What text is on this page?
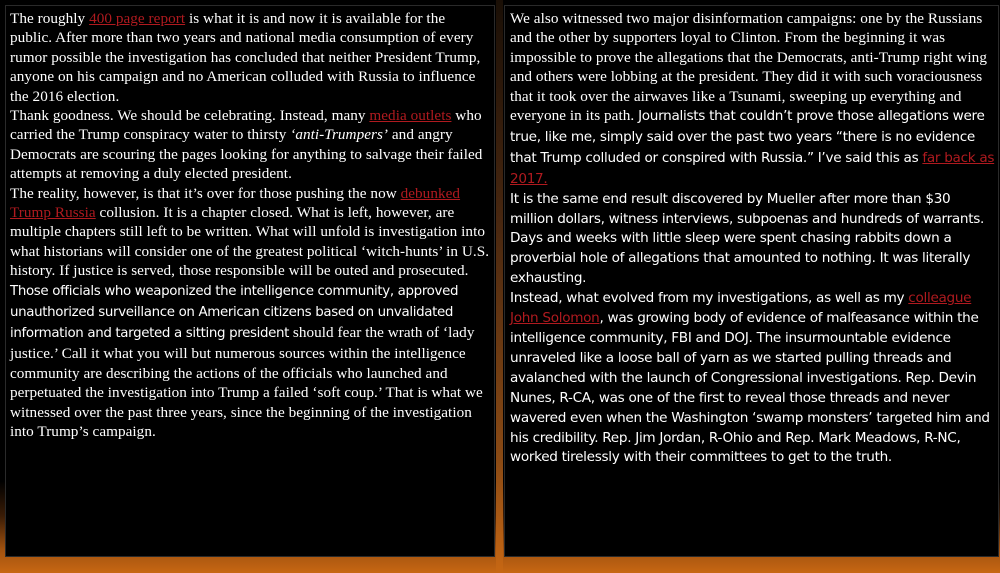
The roughly 400 page report is what it is and now it is available for the public. After more than two years and national media consumption of every rumor possible the investigation has concluded that neither President Trump, anyone on his campaign and no American colluded with Russia to influence the 2016 election.
Thank goodness. We should be celebrating. Instead, many media outlets who carried the Trump conspiracy water to thirsty ‘anti-Trumpers’ and angry Democrats are scouring the pages looking for anything to salvage their failed attempts at removing a duly elected president.
The reality, however, is that it’s over for those pushing the now debunked Trump Russia collusion. It is a chapter closed. What is left, however, are multiple chapters still left to be written. What will unfold is investigation into what historians will consider one of the greatest political ‘witch-hunts’ in U.S. history. If justice is served, those responsible will be outed and prosecuted. Those officials who weaponized the intelligence community, approved unauthorized surveillance on American citizens based on unvalidated information and targeted a sitting president should fear the wrath of ‘lady justice.’ Call it what you will but numerous sources within the intelligence community are describing the actions of the officials who launched and perpetuated the investigation into Trump a failed ‘soft coup.’ That is what we witnessed over the past three years, since the beginning of the investigation into Trump’s campaign.
We also witnessed two major disinformation campaigns: one by the Russians and the other by supporters loyal to Clinton. From the beginning it was impossible to prove the allegations that the Democrats, anti-Trump right wing and others were lobbing at the president. They did it with such voraciousness that it took over the airwaves like a Tsunami, sweeping up everything and everyone in its path. Journalists that couldn’t prove those allegations were true, like me, simply said over the past two years “there is no evidence that Trump colluded or conspired with Russia.” I’ve said this as far back as 2017.
It is the same end result discovered by Mueller after more than $30 million dollars, witness interviews, subpoenas and hundreds of warrants.
Days and weeks with little sleep were spent chasing rabbits down a proverbial hole of allegations that amounted to nothing. It was literally exhausting.
Instead, what evolved from my investigations, as well as my colleague John Solomon, was growing body of evidence of malfeasance within the intelligence community, FBI and DOJ. The insurmountable evidence unraveled like a loose ball of yarn as we started pulling threads and avalanched with the launch of Congressional investigations. Rep. Devin Nunes, R-CA, was one of the first to reveal those threads and never wavered even when the Washington ‘swamp monsters’ targeted him and his credibility. Rep. Jim Jordan, R-Ohio and Rep. Mark Meadows, R-NC, worked tirelessly with their committees to get to the truth.
